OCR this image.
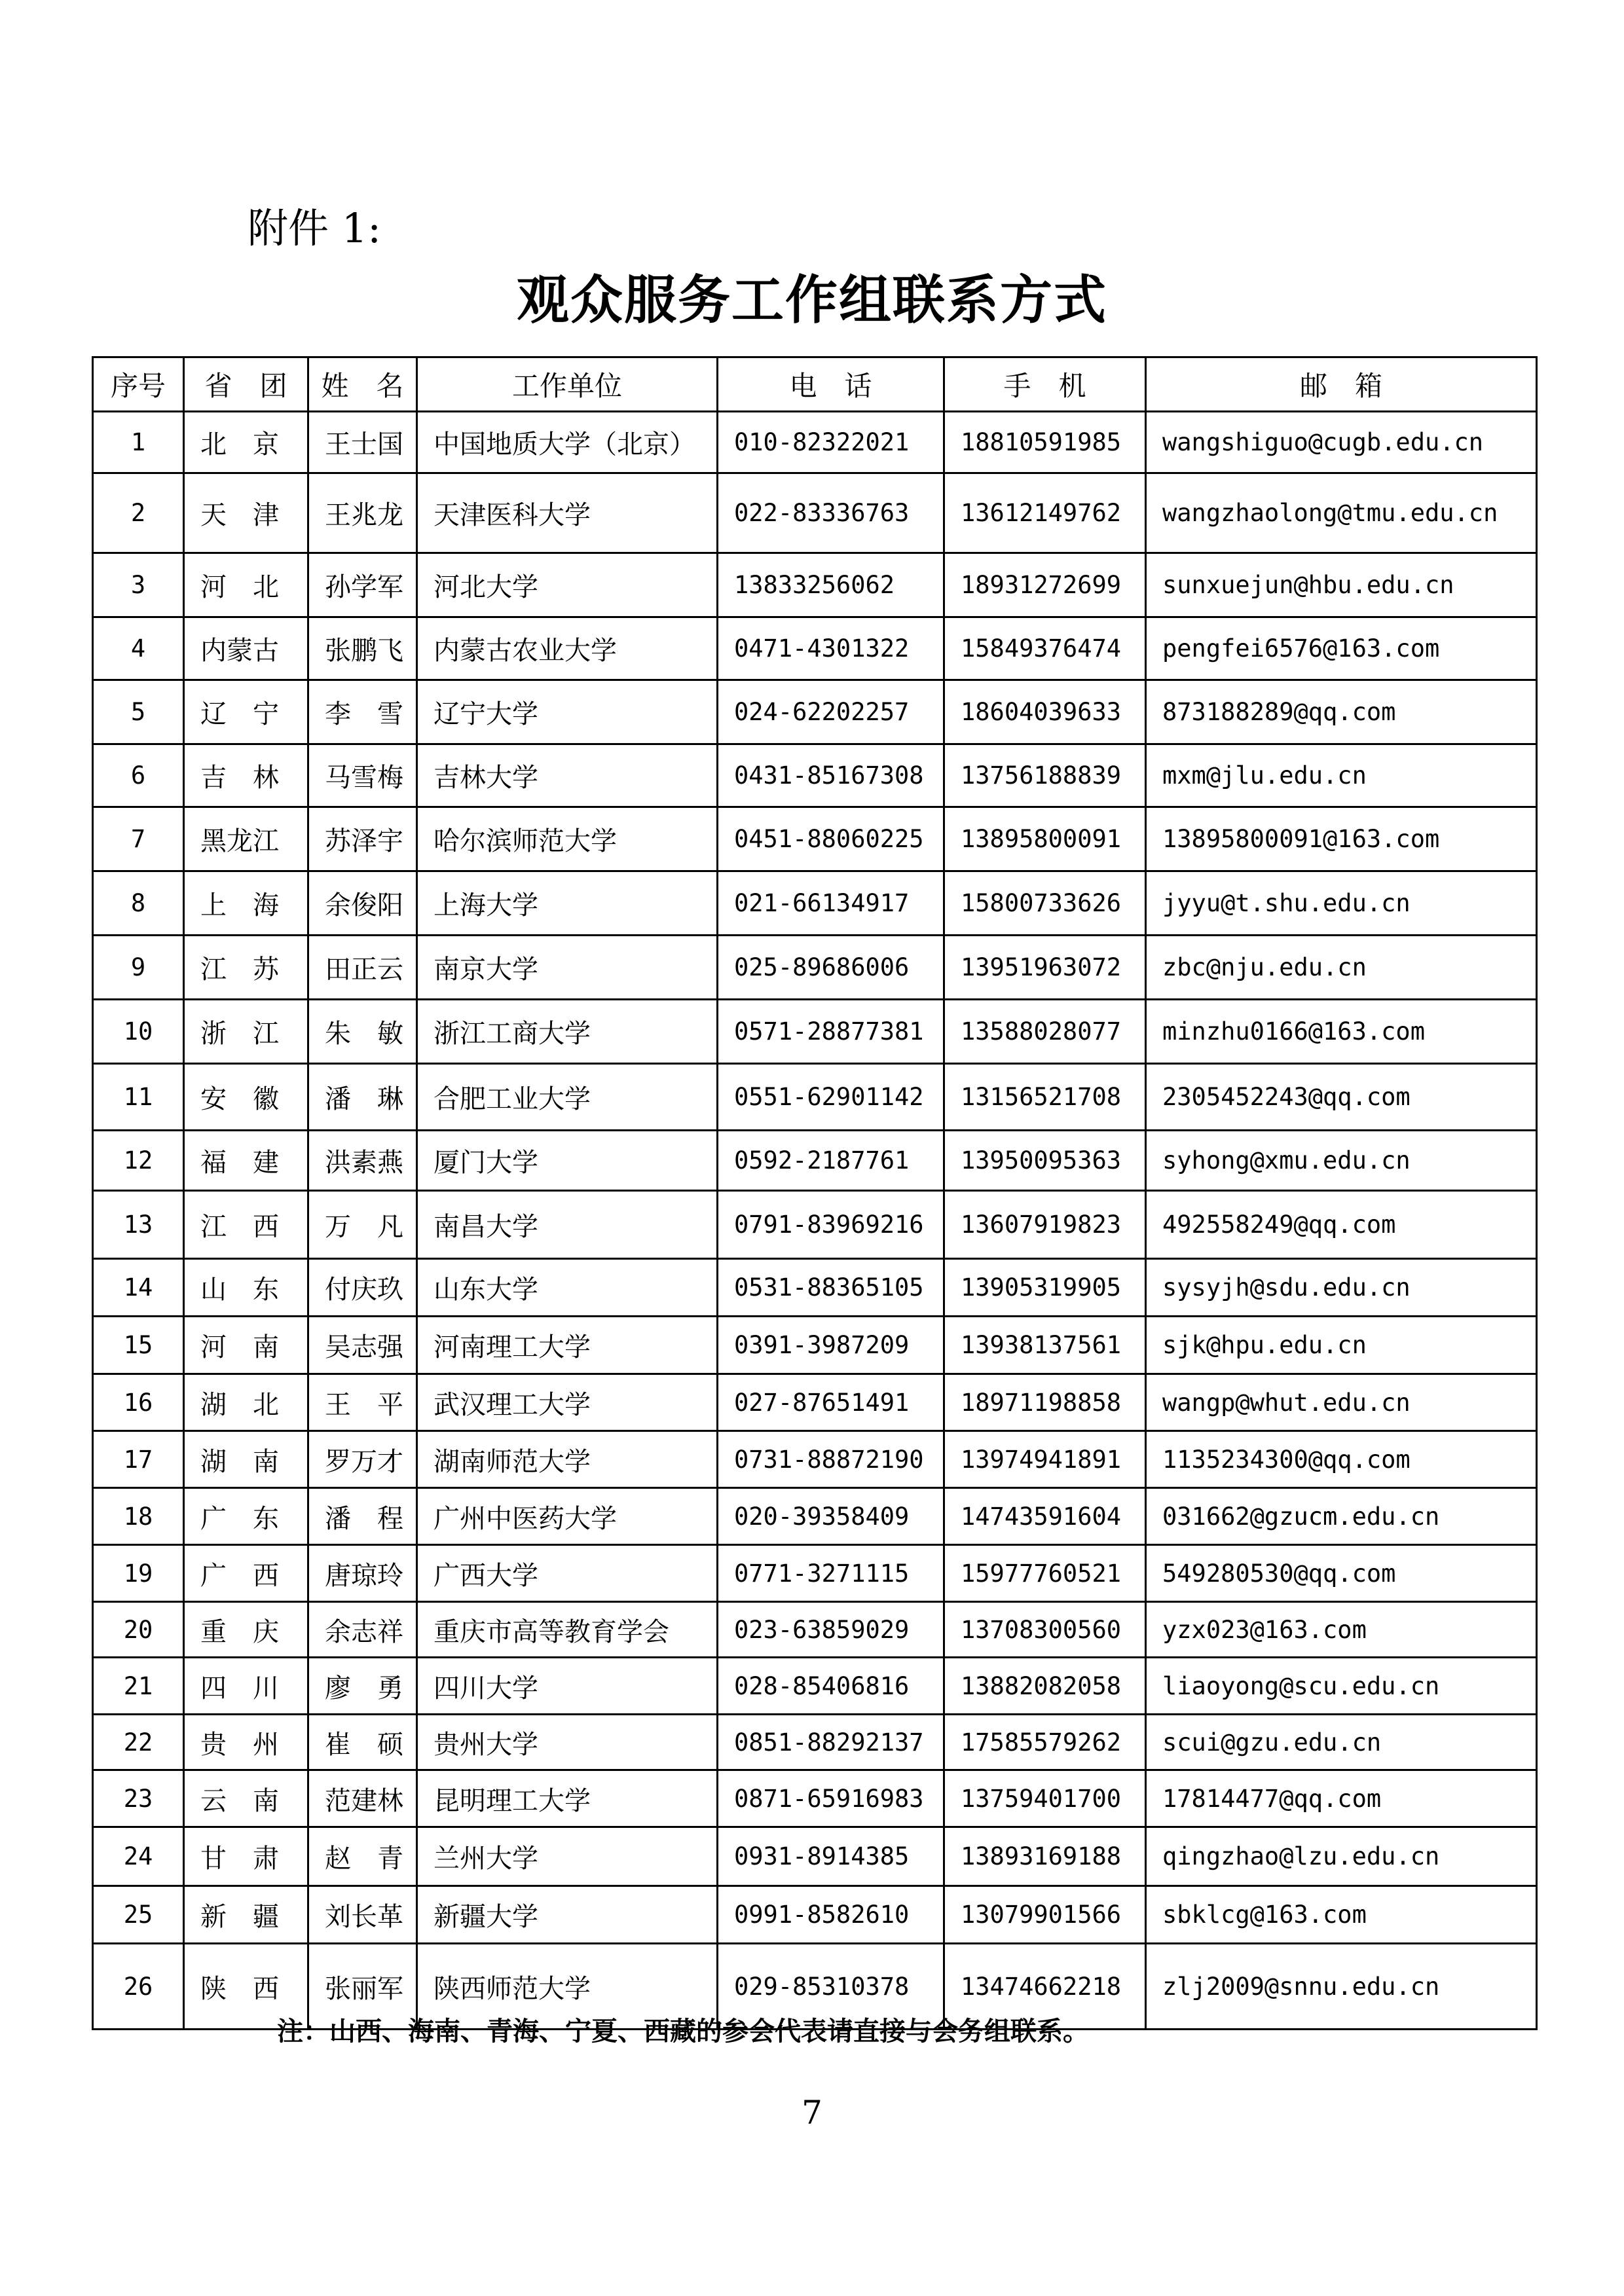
附件 1:
观众服务工作组联系方式
序号	省　团	姓　名	工作单位	电　话	手　机	邮　箱
1	北　京	王士国	中国地质大学（北京）	010-82322021	18810591985	wangshiguo@cugb.edu.cn
2	天　津	王兆龙	天津医科大学	022-83336763	13612149762	wangzhaolong@tmu.edu.cn
3	河　北	孙学军	河北大学	13833256062	18931272699	sunxuejun@hbu.edu.cn
4	内蒙古	张鹏飞	内蒙古农业大学	0471-4301322	15849376474	pengfei6576@163.com
5	辽　宁	李　雪	辽宁大学	024-62202257	18604039633	873188289@qq.com
6	吉　林	马雪梅	吉林大学	0431-85167308	13756188839	mxm@jlu.edu.cn
7	黑龙江	苏泽宇	哈尔滨师范大学	0451-88060225	13895800091	13895800091@163.com
8	上　海	余俊阳	上海大学	021-66134917	15800733626	jyyu@t.shu.edu.cn
9	江　苏	田正云	南京大学	025-89686006	13951963072	zbc@nju.edu.cn
10	浙　江	朱　敏	浙江工商大学	0571-28877381	13588028077	minzhu0166@163.com
11	安　徽	潘　琳	合肥工业大学	0551-62901142	13156521708	2305452243@qq.com
12	福　建	洪素燕	厦门大学	0592-2187761	13950095363	syhong@xmu.edu.cn
13	江　西	万　凡	南昌大学	0791-83969216	13607919823	492558249@qq.com
14	山　东	付庆玖	山东大学	0531-88365105	13905319905	sysyjh@sdu.edu.cn
15	河　南	吴志强	河南理工大学	0391-3987209	13938137561	sjk@hpu.edu.cn
16	湖　北	王　平	武汉理工大学	027-87651491	18971198858	wangp@whut.edu.cn
17	湖　南	罗万才	湖南师范大学	0731-88872190	13974941891	1135234300@qq.com
18	广　东	潘　程	广州中医药大学	020-39358409	14743591604	031662@gzucm.edu.cn
19	广　西	唐琼玲	广西大学	0771-3271115	15977760521	549280530@qq.com
20	重　庆	余志祥	重庆市高等教育学会	023-63859029	13708300560	yzx023@163.com
21	四　川	廖　勇	四川大学	028-85406816	13882082058	liaoyong@scu.edu.cn
22	贵　州	崔　硕	贵州大学	0851-88292137	17585579262	scui@gzu.edu.cn
23	云　南	范建林	昆明理工大学	0871-65916983	13759401700	17814477@qq.com
24	甘　肃	赵　青	兰州大学	0931-8914385	13893169188	qingzhao@lzu.edu.cn
25	新　疆	刘长革	新疆大学	0991-8582610	13079901566	sbklcg@163.com
26	陕　西	张丽军	陕西师范大学	029-85310378	13474662218	zlj2009@snnu.edu.cn
注：山西、海南、青海、宁夏、西藏的参会代表请直接与会务组联系。
7
